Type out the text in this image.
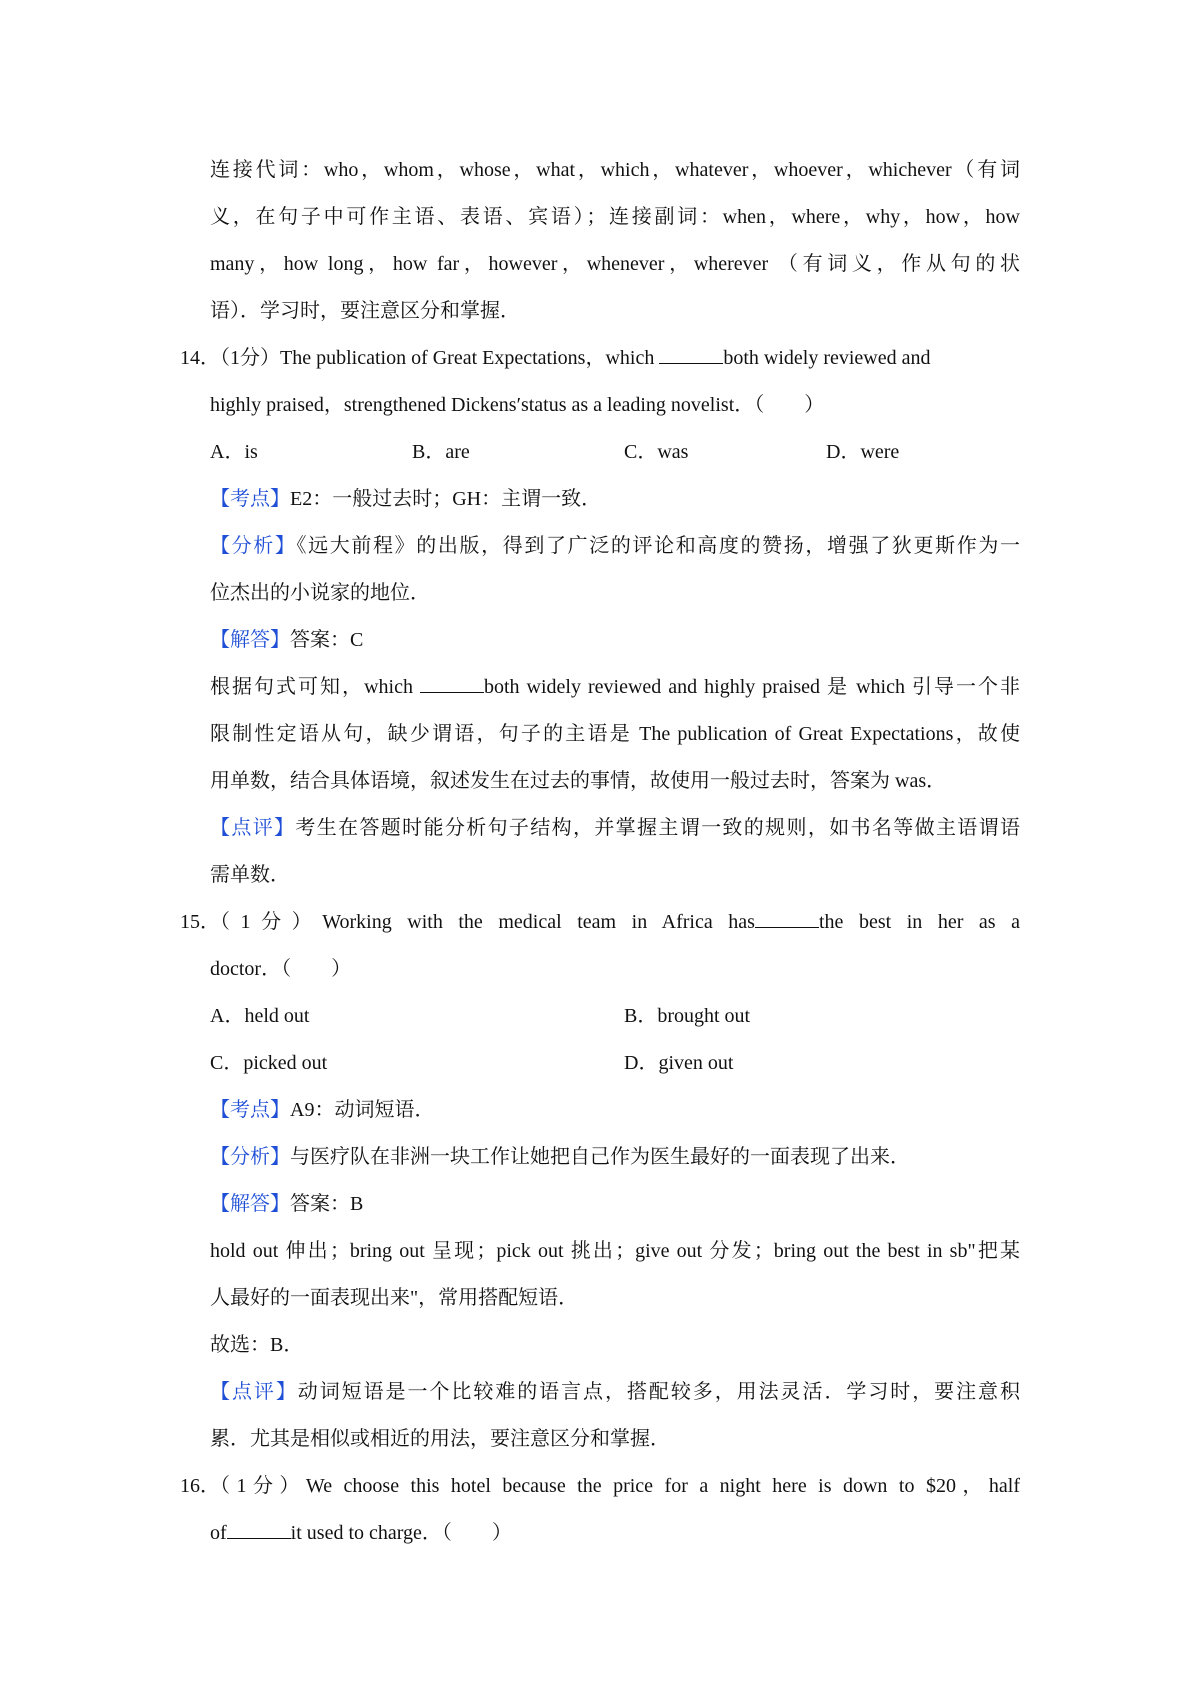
连接代词：who，whom，whose，what，which，whatever，whoever，whichever（有词
义，在句子中可作主语、表语、宾语）；连接副词：when，where，why，how，how
many，how long，how far，however，whenever，wherever （有词义，作从句的状
语）．学习时，要注意区分和掌握．
14．
（1分）The publication of Great Expectations，which	both widely reviewed and
highly praised，strengthened Dickens′status as a leading novelist．（　　）
A．is	B．are	C．was	D．were
【考点】E2：一般过去时；GH：主谓一致．
【分析】《远大前程》的出版，得到了广泛的评论和高度的赞扬，增强了狄更斯作为一
位杰出的小说家的地位．
【解答】答案：C
根据句式可知，which	both widely reviewed and highly praised 是 which 引导一个非
限制性定语从句，缺少谓语，句子的主语是 The publication of Great Expectations，故使
用单数，结合具体语境，叙述发生在过去的事情，故使用一般过去时，答案为 was．
【点评】考生在答题时能分析句子结构，并掌握主谓一致的规则，如书名等做主语谓语
需单数．
15．
（1分）Working with the medical team in Africa has	the best in her as a
doctor．（　　）
A．held out	B．brought out
C．picked out	D．given out
【考点】A9：动词短语．
【分析】与医疗队在非洲一块工作让她把自己作为医生最好的一面表现了出来．
【解答】答案：B
hold out 伸出；bring out 呈现；pick out 挑出；give out 分发；bring out the best in sb"把某
人最好的一面表现出来"，常用搭配短语．
故选：B．
【点评】动词短语是一个比较难的语言点，搭配较多，用法灵活．学习时，要注意积
累．尤其是相似或相近的用法，要注意区分和掌握．
16．
（1分）We choose this hotel because the price for a night here is down to $20，half
of	it used to charge．（　　）
